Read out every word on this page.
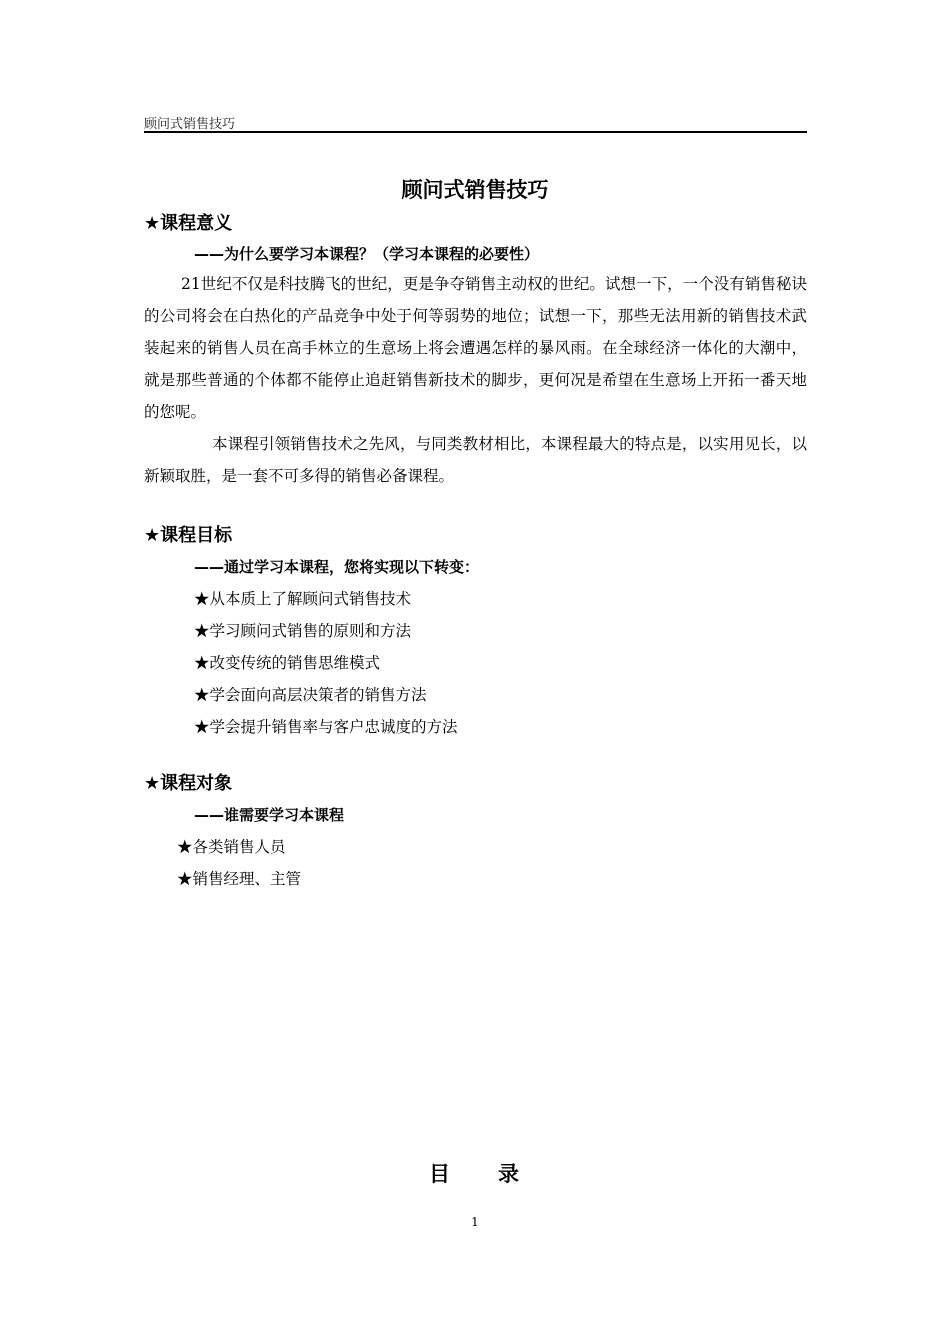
顾问式销售技巧
顾问式销售技巧
★课程意义
——为什么要学习本课程？（学习本课程的必要性）
21世纪不仅是科技腾飞的世纪，更是争夺销售主动权的世纪。试想一下，一个没有销售秘诀的公司将会在白热化的产品竞争中处于何等弱势的地位；试想一下，那些无法用新的销售技术武装起来的销售人员在高手林立的生意场上将会遭遇怎样的暴风雨。在全球经济一体化的大潮中，就是那些普通的个体都不能停止追赶销售新技术的脚步，更何况是希望在生意场上开拓一番天地的您呢。
本课程引领销售技术之先风，与同类教材相比，本课程最大的特点是，以实用见长，以新颖取胜，是一套不可多得的销售必备课程。
★课程目标
——通过学习本课程，您将实现以下转变：
★从本质上了解顾问式销售技术
★学习顾问式销售的原则和方法
★改变传统的销售思维模式
★学会面向高层决策者的销售方法
★学会提升销售率与客户忠诚度的方法
★课程对象
——谁需要学习本课程
★各类销售人员
★销售经理、主管
目　　录
1
